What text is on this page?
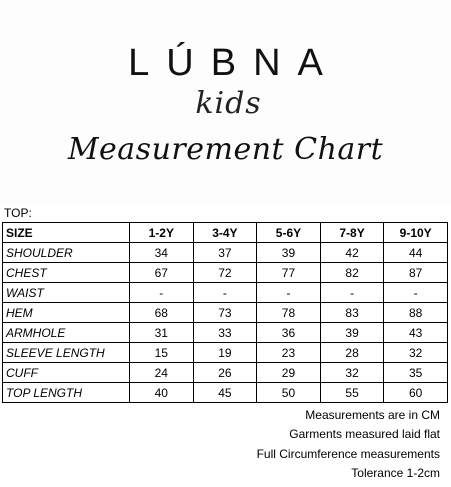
LÚBNA
kids
Measurement Chart
TOP:
SIZE	1-2Y	3-4Y	5-6Y	7-8Y	9-10Y
SHOULDER	34	37	39	42	44
CHEST	67	72	77	82	87
WAIST	-	-	-	-	-
HEM	68	73	78	83	88
ARMHOLE	31	33	36	39	43
SLEEVE LENGTH	15	19	23	28	32
CUFF	24	26	29	32	35
TOP LENGTH	40	45	50	55	60
Measurements are in CM
Garments measured laid flat
Full Circumference measurements
Tolerance 1-2cm
